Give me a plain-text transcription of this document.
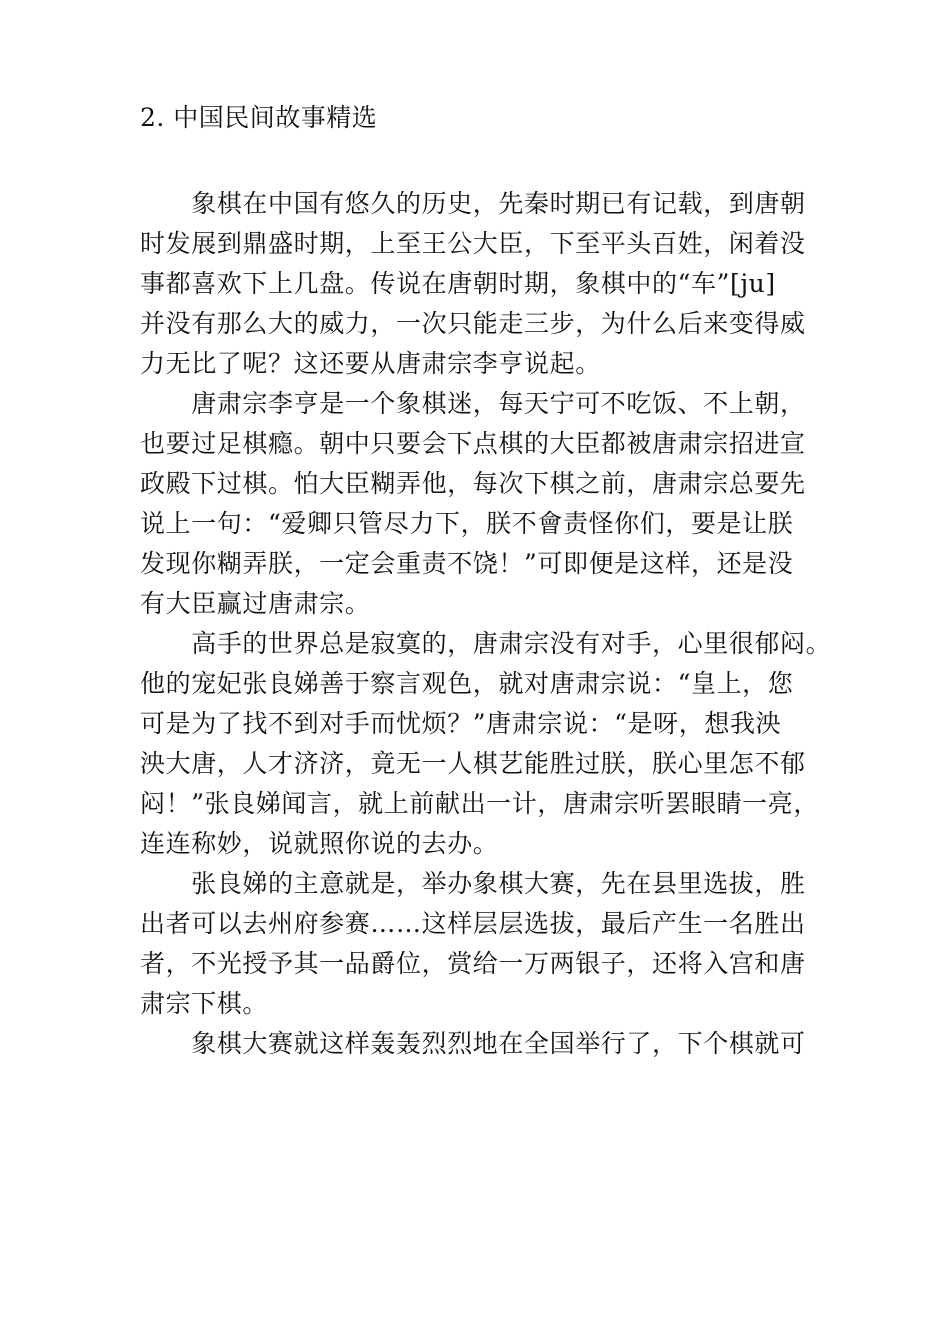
2. 中国民间故事精选
　　象棋在中国有悠久的历史，先秦时期已有记载，到唐朝
时发展到鼎盛时期，上至王公大臣，下至平头百姓，闲着没
事都喜欢下上几盘。传说在唐朝时期，象棋中的“车”[ju]
并没有那么大的威力，一次只能走三步，为什么后来变得威
力无比了呢？这还要从唐肃宗李亨说起。
　　唐肃宗李亨是一个象棋迷，每天宁可不吃饭、不上朝，
也要过足棋瘾。朝中只要会下点棋的大臣都被唐肃宗招进宣
政殿下过棋。怕大臣糊弄他，每次下棋之前，唐肃宗总要先
说上一句：“爱卿只管尽力下，朕不會责怪你们，要是让朕
发现你糊弄朕，一定会重责不饶！”可即便是这样，还是没
有大臣赢过唐肃宗。
　　高手的世界总是寂寞的，唐肃宗没有对手，心里很郁闷。
他的宠妃张良娣善于察言观色，就对唐肃宗说：“皇上，您
可是为了找不到对手而忧烦？”唐肃宗说：“是呀，想我泱
泱大唐，人才济济，竟无一人棋艺能胜过朕，朕心里怎不郁
闷！”张良娣闻言，就上前献出一计，唐肃宗听罢眼睛一亮，
连连称妙，说就照你说的去办。
　　张良娣的主意就是，举办象棋大赛，先在县里选拔，胜
出者可以去州府参赛……这样层层选拔，最后产生一名胜出
者，不光授予其一品爵位，赏给一万两银子，还将入宫和唐
肃宗下棋。
　　象棋大赛就这样轰轰烈烈地在全国举行了，下个棋就可
